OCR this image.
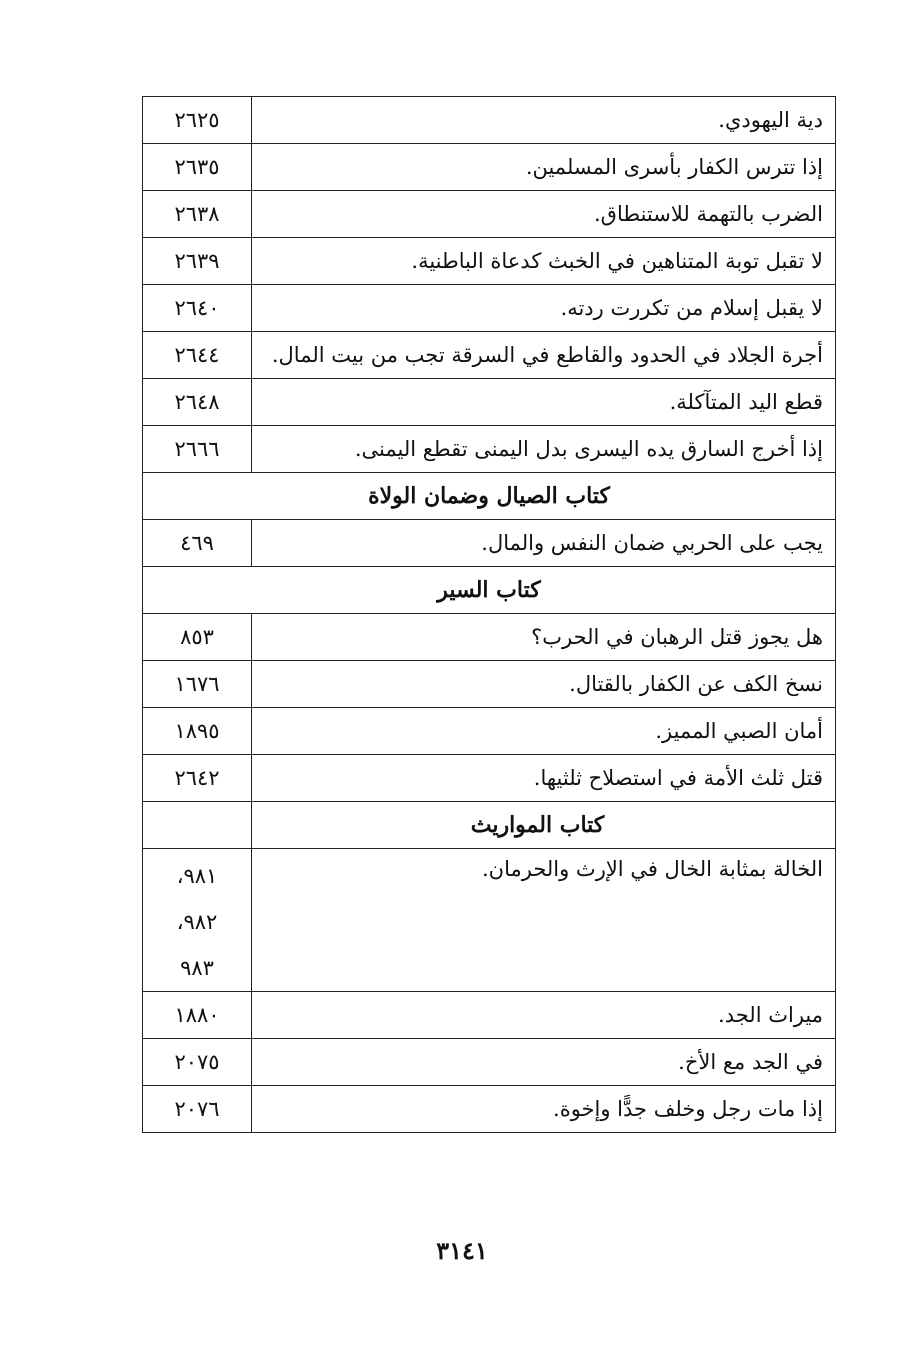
دية اليهودي.	٢٦٢٥
إذا تترس الكفار بأسرى المسلمين.	٢٦٣٥
الضرب بالتهمة للاستنطاق.	٢٦٣٨
لا تقبل توبة المتناهين في الخبث كدعاة الباطنية.	٢٦٣٩
لا يقبل إسلام من تكررت ردته.	٢٦٤٠
أجرة الجلاد في الحدود والقاطع في السرقة تجب من بيت المال.	٢٦٤٤
قطع اليد المتآكلة.	٢٦٤٨
إذا أخرج السارق يده اليسرى بدل اليمنى تقطع اليمنى.	٢٦٦٦
كتاب الصيال وضمان الولاة	
يجب على الحربي ضمان النفس والمال.	٤٦٩
كتاب السير	
هل يجوز قتل الرهبان في الحرب؟	٨٥٣
نسخ الكف عن الكفار بالقتال.	١٦٧٦
أمان الصبي المميز.	١٨٩٥
قتل ثلث الأمة في استصلاح ثلثيها.	٢٦٤٢
كتاب المواريث	
الخالة بمثابة الخال في الإرث والحرمان.	٩٨١،
٩٨٢،
٩٨٣

ميراث الجد.	١٨٨٠
في الجد مع الأخ.	٢٠٧٥
إذا مات رجل وخلف جدًّا وإخوة.	٢٠٧٦
٣١٤١
